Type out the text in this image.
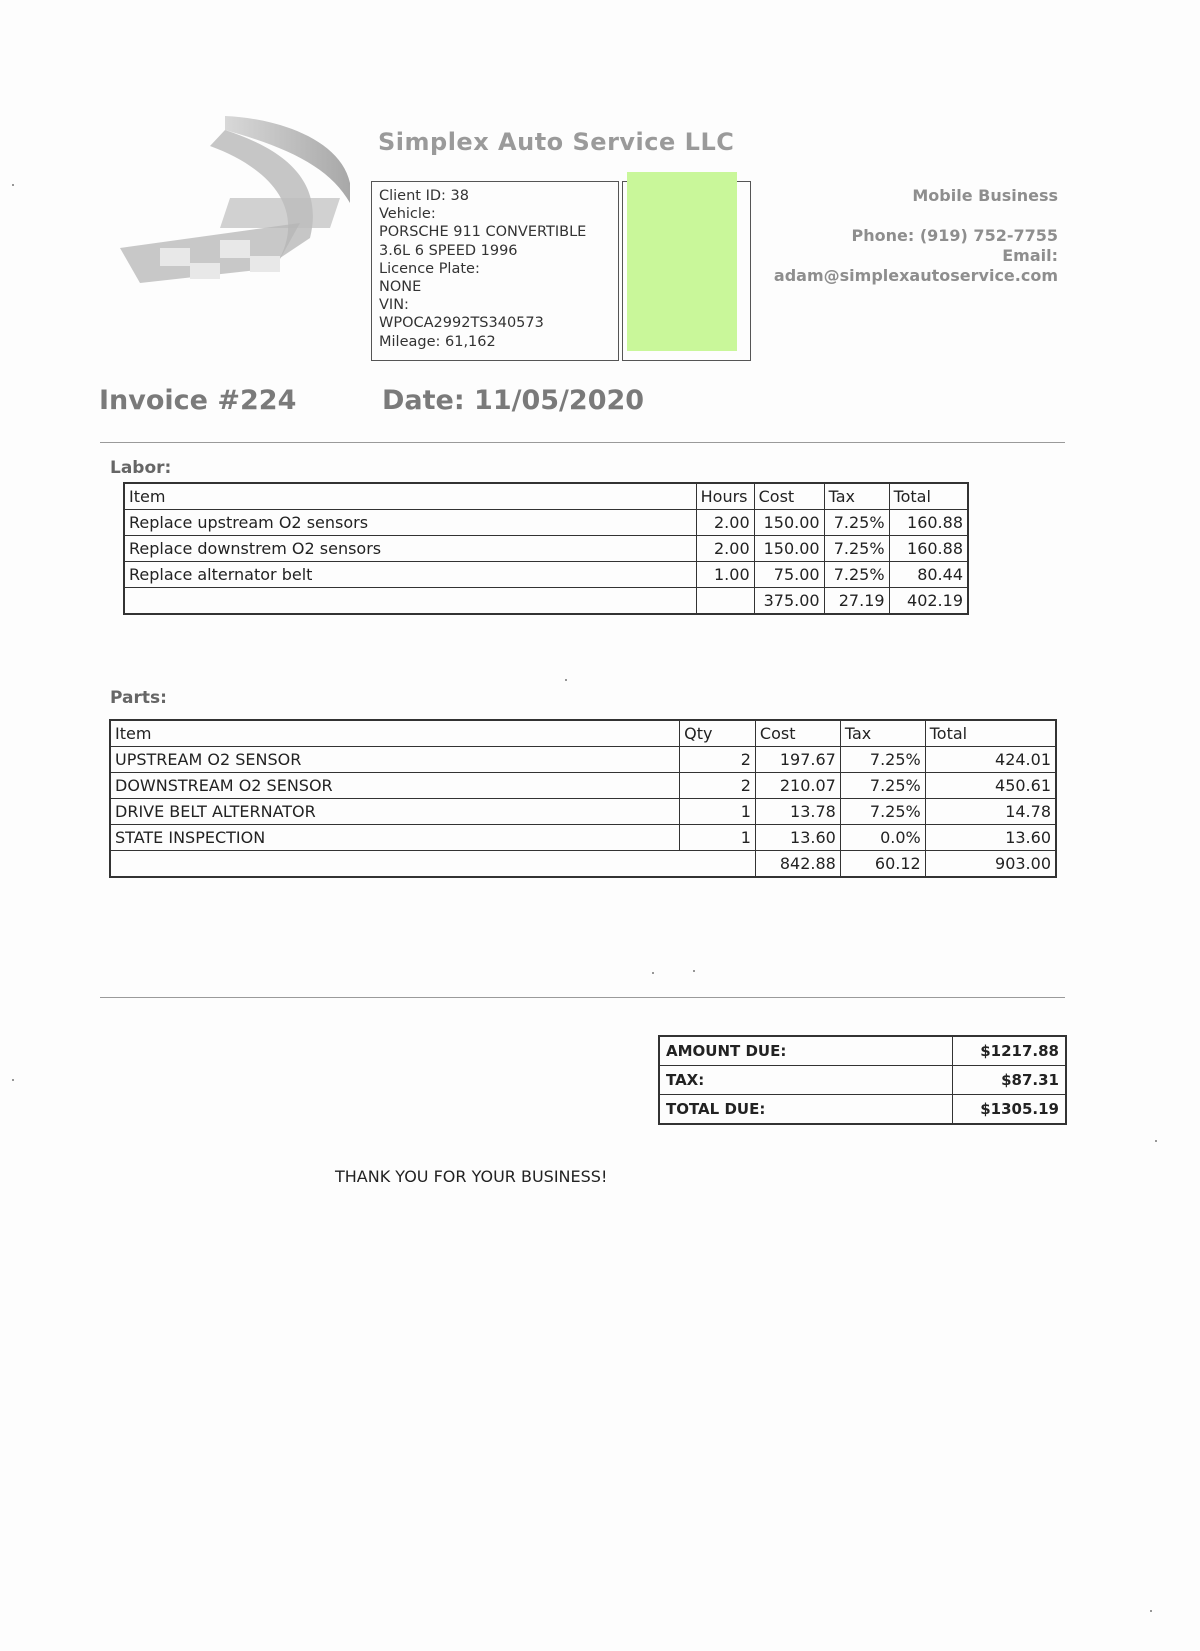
Simplex Auto Service LLC
Client ID: 38
Vehicle:
PORSCHE 911 CONVERTIBLE
3.6L 6 SPEED 1996
Licence Plate:
NONE
VIN:
WPOCA2992TS340573
Mileage: 61,162
Mobile Business
Phone: (919) 752-7755
Email:
adam@simplexautoservice.com
Invoice #224	Date: 11/05/2020
Labor:
Item	Hours	Cost	Tax	Total
Replace upstream O2 sensors	2.00	150.00	7.25%	160.88
Replace downstrem O2 sensors	2.00	150.00	7.25%	160.88
Replace alternator belt	1.00	75.00	7.25%	80.44
		375.00	27.19	402.19
Parts:
Item	Qty	Cost	Tax	Total
UPSTREAM O2 SENSOR	2	197.67	7.25%	424.01
DOWNSTREAM O2 SENSOR	2	210.07	7.25%	450.61
DRIVE BELT ALTERNATOR	1	13.78	7.25%	14.78
STATE INSPECTION	1	13.60	0.0%	13.60
		842.88	60.12	903.00
AMOUNT DUE:	$1217.88
TAX:	$87.31
TOTAL DUE:	$1305.19
THANK YOU FOR YOUR BUSINESS!
